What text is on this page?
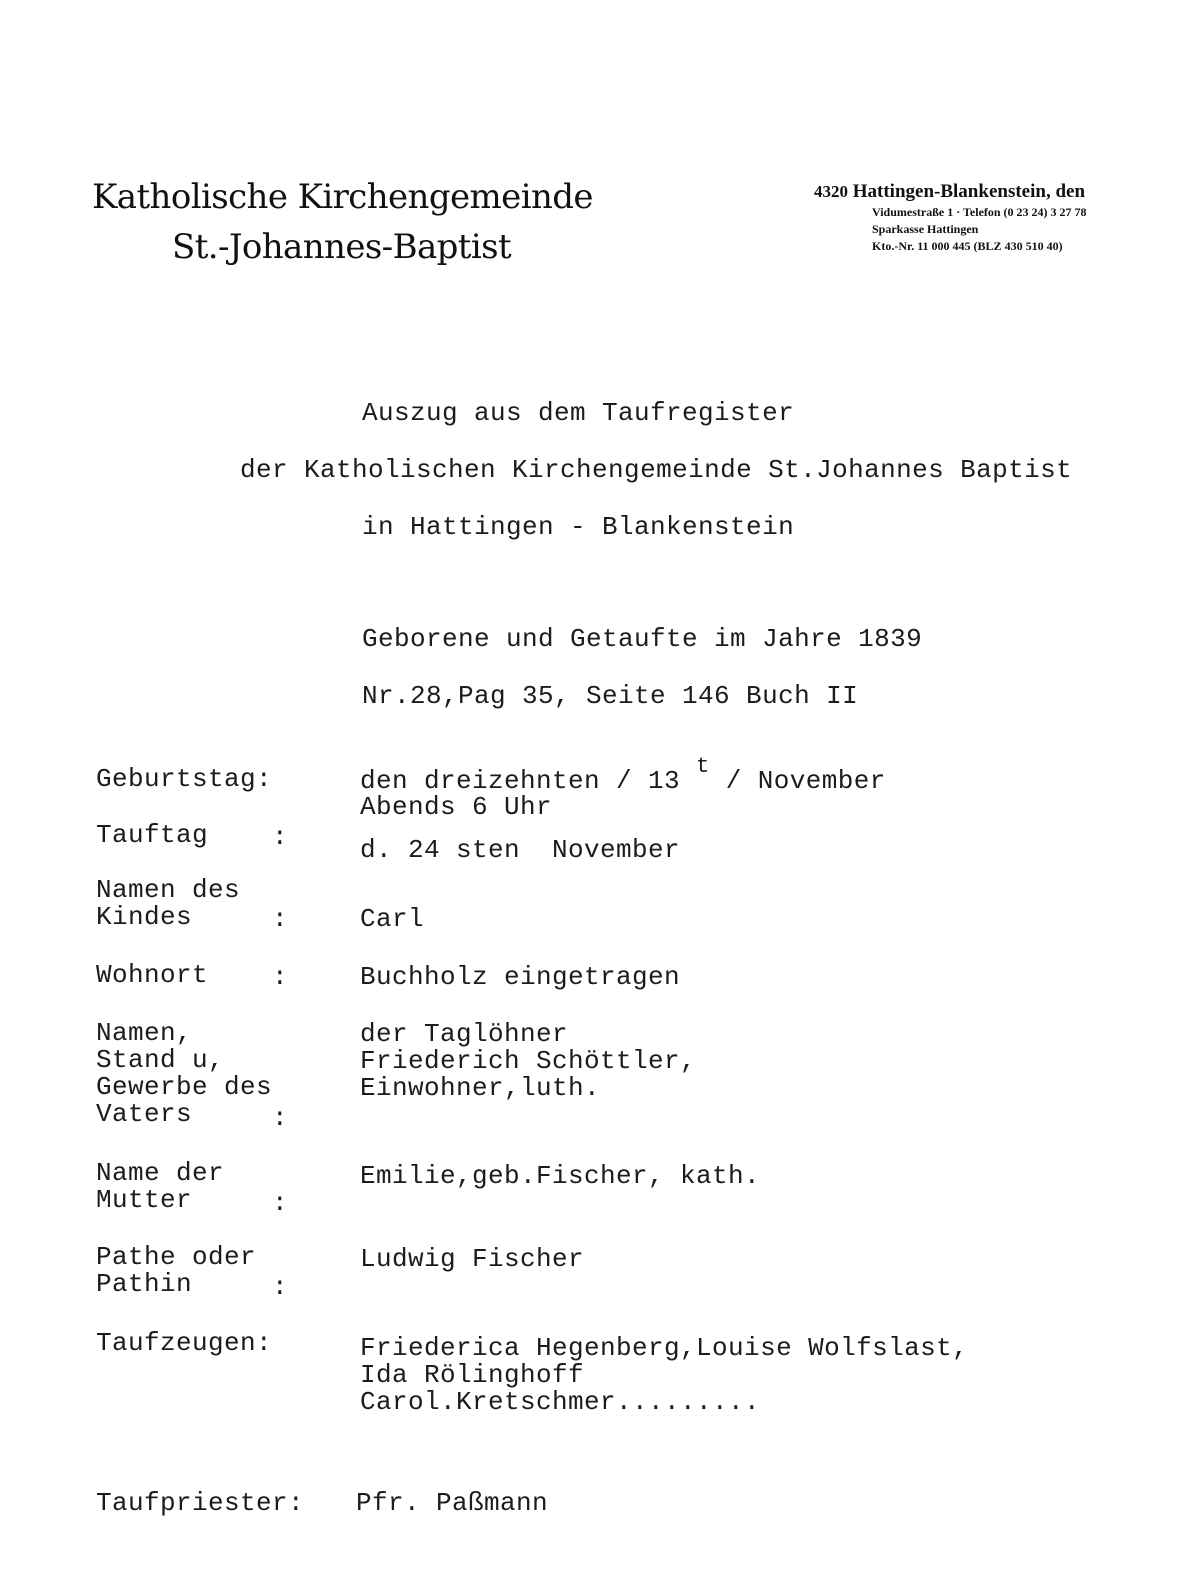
Katholische Kirchengemeinde
St.-Johannes-Baptist
4320 Hattingen-Blankenstein, den
Vidumestraße 1 · Telefon (0 23 24) 3 27 78
Sparkasse Hattingen
Kto.-Nr. 11 000 445 (BLZ 430 510 40)
Auszug aus dem Taufregister
der Katholischen Kirchengemeinde St.Johannes Baptist
in Hattingen - Blankenstein
Geborene und Getaufte im Jahre 1839
Nr.28,Pag 35, Seite 146 Buch II
Geburtstag:	den dreizehnten / 13 $^t$ / November
Abends 6 Uhr
Tauftag	:	d. 24 sten  November
Namen des
Kindes	:	Carl
Wohnort	:	Buchholz eingetragen
Namen,
Stand u,
Gewerbe des
Vaters	:
der Taglöhner
Friederich Schöttler,
Einwohner,luth.
Name der
Mutter	:
Emilie,geb.Fischer, kath.
Pathe oder
Pathin	:
Ludwig Fischer
Taufzeugen:	Friederica Hegenberg,Louise Wolfslast,
Ida Rölinghoff
Carol.Kretschmer.........
Taufpriester:	Pfr. Paßmann
